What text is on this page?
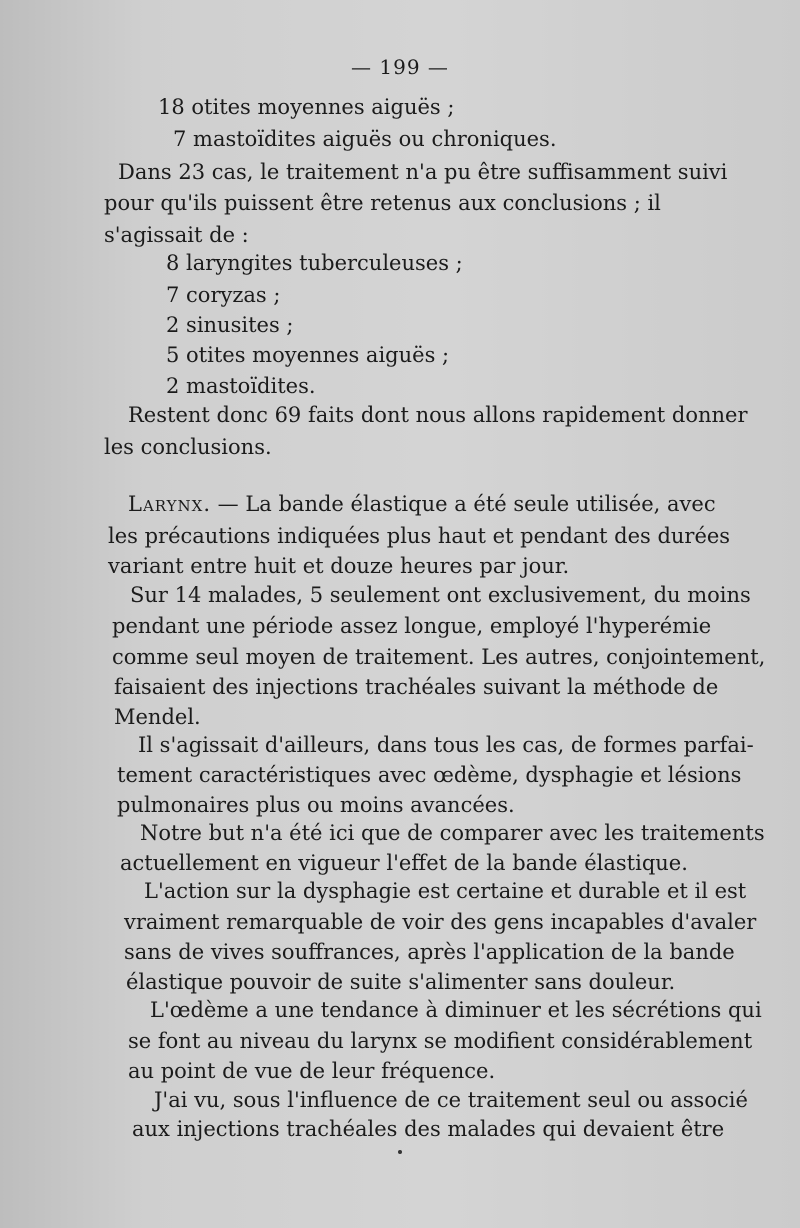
— 199 —
18 otites moyennes aiguës ;
7 mastoïdites aiguës ou chroniques.
Dans 23 cas, le traitement n'a pu être suffisamment suivi
pour qu'ils puissent être retenus aux conclusions ; il
s'agissait de :
8 laryngites tuberculeuses ;
7 coryzas ;
2 sinusites ;
5 otites moyennes aiguës ;
2 mastoïdites.
Restent donc 69 faits dont nous allons rapidement donner
les conclusions.
Larynx. — La bande élastique a été seule utilisée, avec
les précautions indiquées plus haut et pendant des durées
variant entre huit et douze heures par jour.
Sur 14 malades, 5 seulement ont exclusivement, du moins
pendant une période assez longue, employé l'hyperémie
comme seul moyen de traitement. Les autres, conjointement,
faisaient des injections trachéales suivant la méthode de
Mendel.
Il s'agissait d'ailleurs, dans tous les cas, de formes parfai-
tement caractéristiques avec œdème, dysphagie et lésions
pulmonaires plus ou moins avancées.
Notre but n'a été ici que de comparer avec les traitements
actuellement en vigueur l'effet de la bande élastique.
L'action sur la dysphagie est certaine et durable et il est
vraiment remarquable de voir des gens incapables d'avaler
sans de vives souffrances, après l'application de la bande
élastique pouvoir de suite s'alimenter sans douleur.
L'œdème a une tendance à diminuer et les sécrétions qui
se font au niveau du larynx se modifient considérablement
au point de vue de leur fréquence.
J'ai vu, sous l'influence de ce traitement seul ou associé
aux injections trachéales des malades qui devaient être
